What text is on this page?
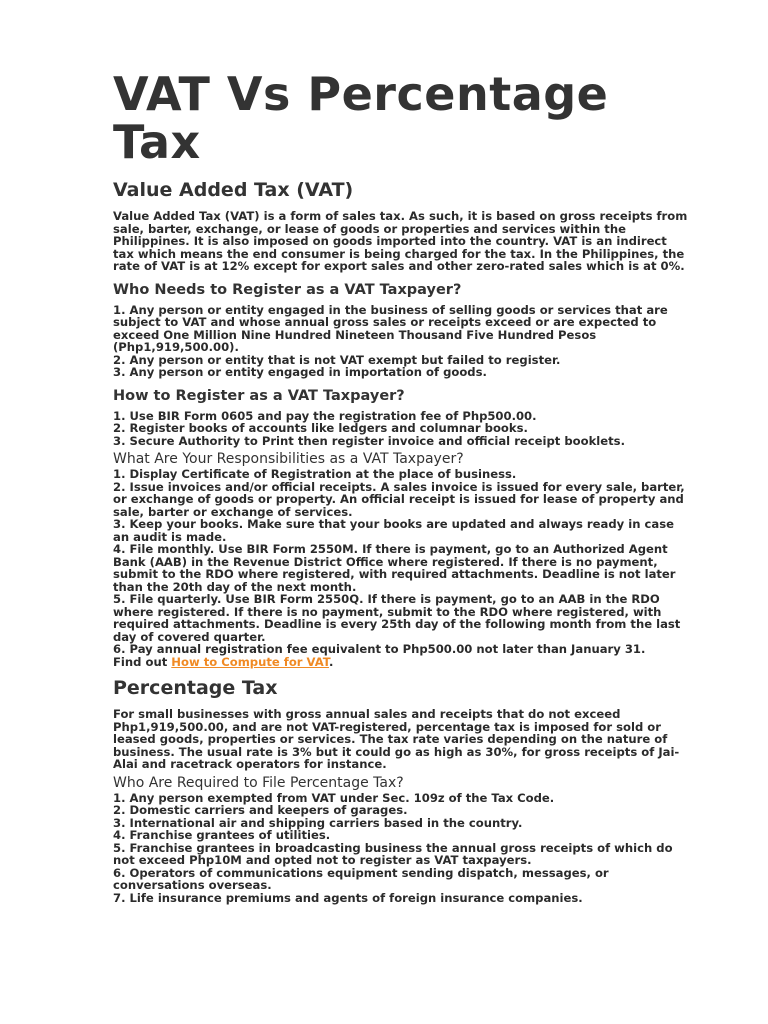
VAT Vs Percentage Tax
Value Added Tax (VAT)

Value Added Tax (VAT) is a form of sales tax. As such, it is based on gross receipts from sale, barter, exchange, or lease of goods or properties and services within the Philippines. It is also imposed on goods imported into the country. VAT is an indirect tax which means the end consumer is being charged for the tax. In the Philippines, the rate of VAT is at 12% except for export sales and other zero-rated sales which is at 0%.

Who Needs to Register as a VAT Taxpayer?
1. Any person or entity engaged in the business of selling goods or services that are subject to VAT and whose annual gross sales or receipts exceed or are expected to exceed One Million Nine Hundred Nineteen Thousand Five Hundred Pesos (Php1,919,500.00).
2. Any person or entity that is not VAT exempt but failed to register.
3. Any person or entity engaged in importation of goods.
How to Register as a VAT Taxpayer?
1. Use BIR Form 0605 and pay the registration fee of Php500.00.
2. Register books of accounts like ledgers and columnar books.
3. Secure Authority to Print then register invoice and official receipt booklets.
What Are Your Responsibilities as a VAT Taxpayer?
1. Display Certificate of Registration at the place of business.
2. Issue invoices and/or official receipts. A sales invoice is issued for every sale, barter, or exchange of goods or property. An official receipt is issued for lease of property and sale, barter or exchange of services.
3. Keep your books. Make sure that your books are updated and always ready in case an audit is made.
4. File monthly. Use BIR Form 2550M. If there is payment, go to an Authorized Agent Bank (AAB) in the Revenue District Office where registered. If there is no payment, submit to the RDO where registered, with required attachments. Deadline is not later than the 20th day of the next month.
5. File quarterly. Use BIR Form 2550Q. If there is payment, go to an AAB in the RDO where registered. If there is no payment, submit to the RDO where registered, with required attachments. Deadline is every 25th day of the following month from the last day of covered quarter.
6. Pay annual registration fee equivalent to Php500.00 not later than January 31.
Find out How to Compute for VAT.
Percentage Tax

For small businesses with gross annual sales and receipts that do not exceed Php1,919,500.00, and are not VAT-registered, percentage tax is imposed for sold or leased goods, properties or services. The tax rate varies depending on the nature of business. The usual rate is 3% but it could go as high as 30%, for gross receipts of Jai-Alai and racetrack operators for instance.

Who Are Required to File Percentage Tax?
1. Any person exempted from VAT under Sec. 109z of the Tax Code.
2. Domestic carriers and keepers of garages.
3. International air and shipping carriers based in the country.
4. Franchise grantees of utilities.
5. Franchise grantees in broadcasting business the annual gross receipts of which do not exceed Php10M and opted not to register as VAT taxpayers.
6. Operators of communications equipment sending dispatch, messages, or conversations overseas.
7. Life insurance premiums and agents of foreign insurance companies.
